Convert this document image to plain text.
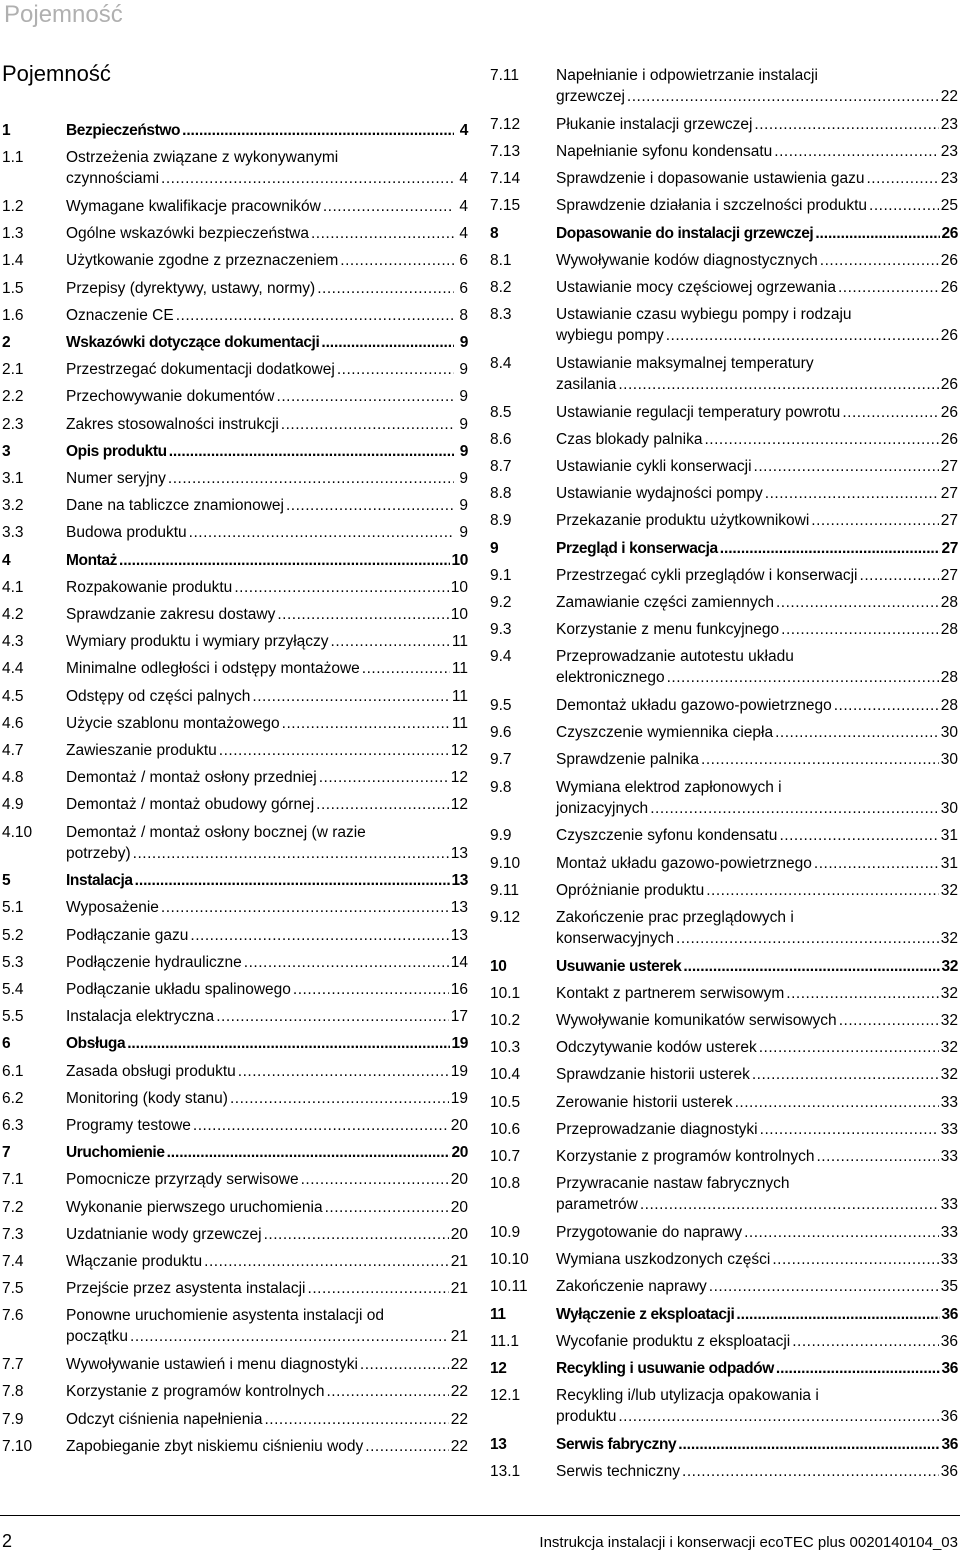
Pojemność
Pojemność
1	Bezpieczeństwo . . .	4
1.1	Ostrzeżenia związane z wykonywanymi
czynnościami . . .	4
1.2	Wymagane kwalifikacje pracowników . . .	4
1.3	Ogólne wskazówki bezpieczeństwa . . .	4
1.4	Użytkowanie zgodne z przeznaczeniem . . .	6
1.5	Przepisy (dyrektywy, ustawy, normy) . . .	6
1.6	Oznaczenie CE . . .	8
2	Wskazówki dotyczące dokumentacji . . .	9
2.1	Przestrzegać dokumentacji dodatkowej . . .	9
2.2	Przechowywanie dokumentów . . .	9
2.3	Zakres stosowalności instrukcji . . .	9
3	Opis produktu . . .	9
3.1	Numer seryjny . . .	9
3.2	Dane na tabliczce znamionowej . . .	9
3.3	Budowa produktu . . .	9
4	Montaż . . .	10
4.1	Rozpakowanie produktu . . .	10
4.2	Sprawdzanie zakresu dostawy . . .	10
4.3	Wymiary produktu i wymiary przyłączy . . .	11
4.4	Minimalne odległości i odstępy montażowe . . .	11
4.5	Odstępy od części palnych . . .	11
4.6	Użycie szablonu montażowego . . .	11
4.7	Zawieszanie produktu . . .	12
4.8	Demontaż / montaż osłony przedniej . . .	12
4.9	Demontaż / montaż obudowy górnej . . .	12
4.10 Demontaż / montaż osłony bocznej (w razie
potrzeby) . . .	13
5	Instalacja . . .	13
5.1	Wyposażenie . . .	13
5.2	Podłączanie gazu . . .	13
5.3	Podłączenie hydrauliczne . . .	14
5.4	Podłączanie układu spalinowego . . .	16
5.5	Instalacja elektryczna . . .	17
6	Obsługa . . .	19
6.1	Zasada obsługi produktu . . .	19
6.2	Monitoring (kody stanu) . . .	19
6.3	Programy testowe . . .	20
7	Uruchomienie . . .	20
7.1	Pomocnicze przyrządy serwisowe . . .	20
7.2	Wykonanie pierwszego uruchomienia . . .	20
7.3	Uzdatnianie wody grzewczej . . .	20
7.4	Włączanie produktu . . .	21
7.5	Przejście przez asystenta instalacji . . .	21
7.6	Ponowne uruchomienie asystenta instalacji od
początku . . .	21
7.7	Wywoływanie ustawień i menu diagnostyki . . .	22
7.8	Korzystanie z programów kontrolnych . . .	22
7.9	Odczyt ciśnienia napełnienia . . .	22
7.10 Zapobieganie zbyt niskiemu ciśnieniu wody . . .	22
7.11 Napełnianie i odpowietrzanie instalacji
grzewczej . . .	22
7.12 Płukanie instalacji grzewczej . . .	23
7.13 Napełnianie syfonu kondensatu . . .	23
7.14 Sprawdzenie i dopasowanie ustawienia gazu . . .	23
7.15 Sprawdzenie działania i szczelności produktu . . .	25
8	Dopasowanie do instalacji grzewczej . . .	26
8.1	Wywoływanie kodów diagnostycznych . . .	26
8.2	Ustawianie mocy częściowej ogrzewania . . .	26
8.3	Ustawianie czasu wybiegu pompy i rodzaju
wybiegu pompy . . .	26
8.4	Ustawianie maksymalnej temperatury
zasilania . . .	26
8.5	Ustawianie regulacji temperatury powrotu . . .	26
8.6	Czas blokady palnika . . .	26
8.7	Ustawianie cykli konserwacji . . .	27
8.8	Ustawianie wydajności pompy . . .	27
8.9	Przekazanie produktu użytkownikowi . . .	27
9	Przegląd i konserwacja . . .	27
9.1	Przestrzegać cykli przeglądów i konserwacji . . .	27
9.2	Zamawianie części zamiennych . . .	28
9.3	Korzystanie z menu funkcyjnego . . .	28
9.4	Przeprowadzanie autotestu układu
elektronicznego . . .	28
9.5	Demontaż układu gazowo-powietrznego . . .	28
9.6	Czyszczenie wymiennika ciepła . . .	30
9.7	Sprawdzenie palnika . . .	30
9.8	Wymiana elektrod zapłonowych i
jonizacyjnych . . .	30
9.9	Czyszczenie syfonu kondensatu . . .	31
9.10 Montaż układu gazowo-powietrznego . . .	31
9.11 Opróżnianie produktu . . .	32
9.12 Zakończenie prac przeglądowych i
konserwacyjnych . . .	32
10	Usuwanie usterek . . .	32
10.1 Kontakt z partnerem serwisowym . . .	32
10.2 Wywoływanie komunikatów serwisowych . . .	32
10.3 Odczytywanie kodów usterek . . .	32
10.4 Sprawdzanie historii usterek . . .	32
10.5 Zerowanie historii usterek . . .	33
10.6 Przeprowadzanie diagnostyki . . .	33
10.7 Korzystanie z programów kontrolnych . . .	33
10.8 Przywracanie nastaw fabrycznych
parametrów . . .	33
10.9 Przygotowanie do naprawy . . .	33
10.10 Wymiana uszkodzonych części . . .	33
10.11 Zakończenie naprawy . . .	35
11	Wyłączenie z eksploatacji . . .	36
11.1 Wycofanie produktu z eksploatacji . . .	36
12	Recykling i usuwanie odpadów . . .	36
12.1 Recykling i/lub utylizacja opakowania i
produktu . . .	36
13	Serwis fabryczny . . .	36
13.1 Serwis techniczny . . .	36
2	Instrukcja instalacji i konserwacji ecoTEC plus 0020140104_03
